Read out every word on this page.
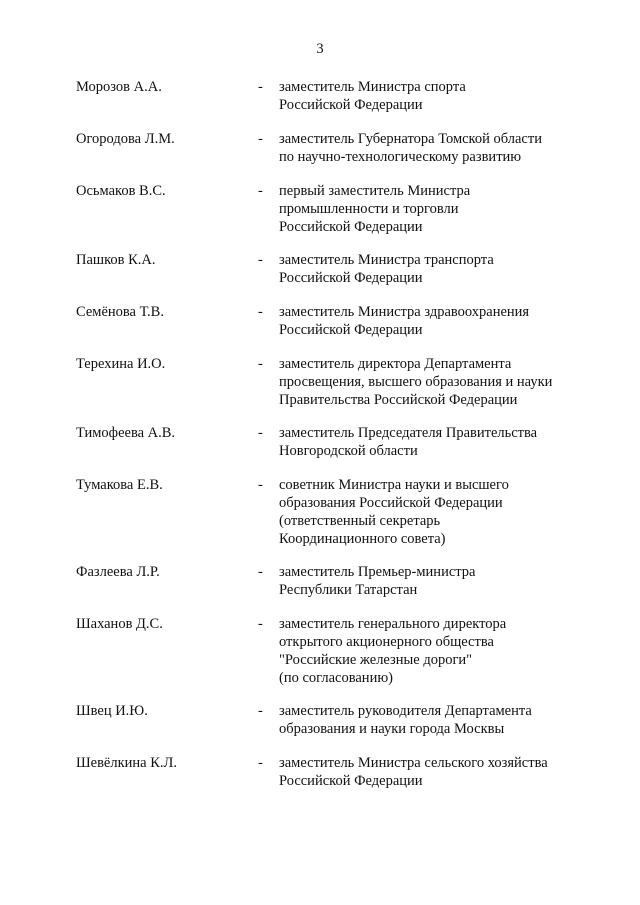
3
Морозов А.А.	- заместитель Министра спорта
Российской Федерации
Огородова Л.М.	- заместитель Губернатора Томской области
по научно-технологическому развитию
Осьмаков В.С.	- первый заместитель Министра
промышленности и торговли
Российской Федерации
Пашков К.А.	- заместитель Министра транспорта
Российской Федерации
Семёнова Т.В.	- заместитель Министра здравоохранения
Российской Федерации
Терехина И.О.	- заместитель директора Департамента
просвещения, высшего образования и науки
Правительства Российской Федерации
Тимофеева А.В.	- заместитель Председателя Правительства
Новгородской области
Тумакова Е.В.	- советник Министра науки и высшего
образования Российской Федерации
(ответственный секретарь
Координационного совета)
Фазлеева Л.Р.	- заместитель Премьер-министра
Республики Татарстан
Шаханов Д.С.	- заместитель генерального директора
открытого акционерного общества
"Российские железные дороги"
(по согласованию)
Швец И.Ю.	- заместитель руководителя Департамента
образования и науки города Москвы
Шевёлкина К.Л.	- заместитель Министра сельского хозяйства
Российской Федерации
